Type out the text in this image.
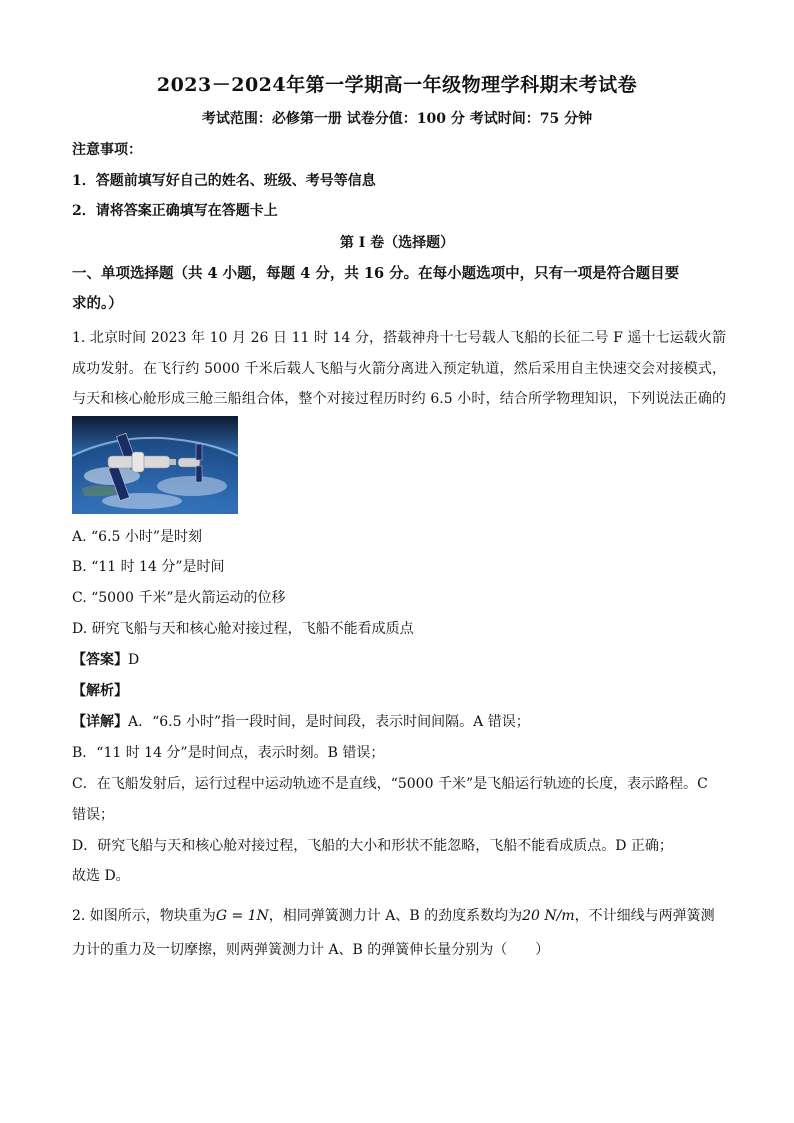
2023－2024年第一学期高一年级物理学科期末考试卷
考试范围：必修第一册 试卷分值：100 分 考试时间：75 分钟
注意事项：
1．答题前填写好自己的姓名、班级、考号等信息
2．请将答案正确填写在答题卡上
第 I 卷（选择题）
一、单项选择题（共 4 小题，每题 4 分，共 16 分。在每小题选项中，只有一项是符合题目要
求的。）
1. 北京时间 2023 年 10 月 26 日 11 时 14 分，搭载神舟十七号载人飞船的长征二号 F 遥十七运载火箭成功发射。在飞行约 5000 千米后载人飞船与火箭分离进入预定轨道，然后采用自主快速交会对接模式，与天和核心舱形成三舱三船组合体，整个对接过程历时约 6.5 小时，结合所学物理知识，下列说法正确的　　
A. “6.5 小时”是时刻
B. “11 时 14 分”是时间
C. “5000 千米”是火箭运动的位移
D. 研究飞船与天和核心舱对接过程，飞船不能看成质点
【答案】D
【解析】
【详解】A．“6.5 小时”指一段时间，是时间段，表示时间间隔。A 错误；
B．“11 时 14 分”是时间点，表示时刻。B 错误；
C．在飞船发射后，运行过程中运动轨迹不是直线，“5000 千米”是飞船运行轨迹的长度，表示路程。C
错误；
D．研究飞船与天和核心舱对接过程，飞船的大小和形状不能忽略，飞船不能看成质点。D 正确；
故选 D。
2. 如图所示，物块重为G = 1N，相同弹簧测力计 A、B 的劲度系数均为20 N/m，不计细线与两弹簧测
力计的重力及一切摩擦，则两弹簧测力计 A、B 的弹簧伸长量分别为（　　）
